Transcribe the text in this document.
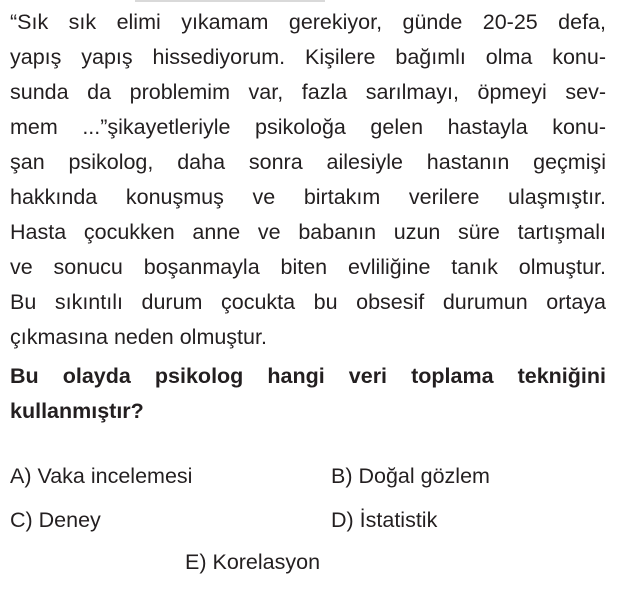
“Sık sık elimi yıkamam gerekiyor, günde 20-25 defa,
yapış yapış hissediyorum. Kişilere bağımlı olma konu-
sunda da problemim var, fazla sarılmayı, öpmeyi sev-
mem ...”şikayetleriyle psikoloğa gelen hastayla konu-
şan psikolog, daha sonra ailesiyle hastanın geçmişi
hakkında konuşmuş ve birtakım verilere ulaşmıştır.
Hasta çocukken anne ve babanın uzun süre tartışmalı
ve sonucu boşanmayla biten evliliğine tanık olmuştur.
Bu sıkıntılı durum çocukta bu obsesif durumun ortaya
çıkmasına neden olmuştur.
Bu olayda psikolog hangi veri toplama tekniğini
kullanmıştır?
A) Vaka incelemesi	B) Doğal gözlem
C) Deney	D) İstatistik
E) Korelasyon
